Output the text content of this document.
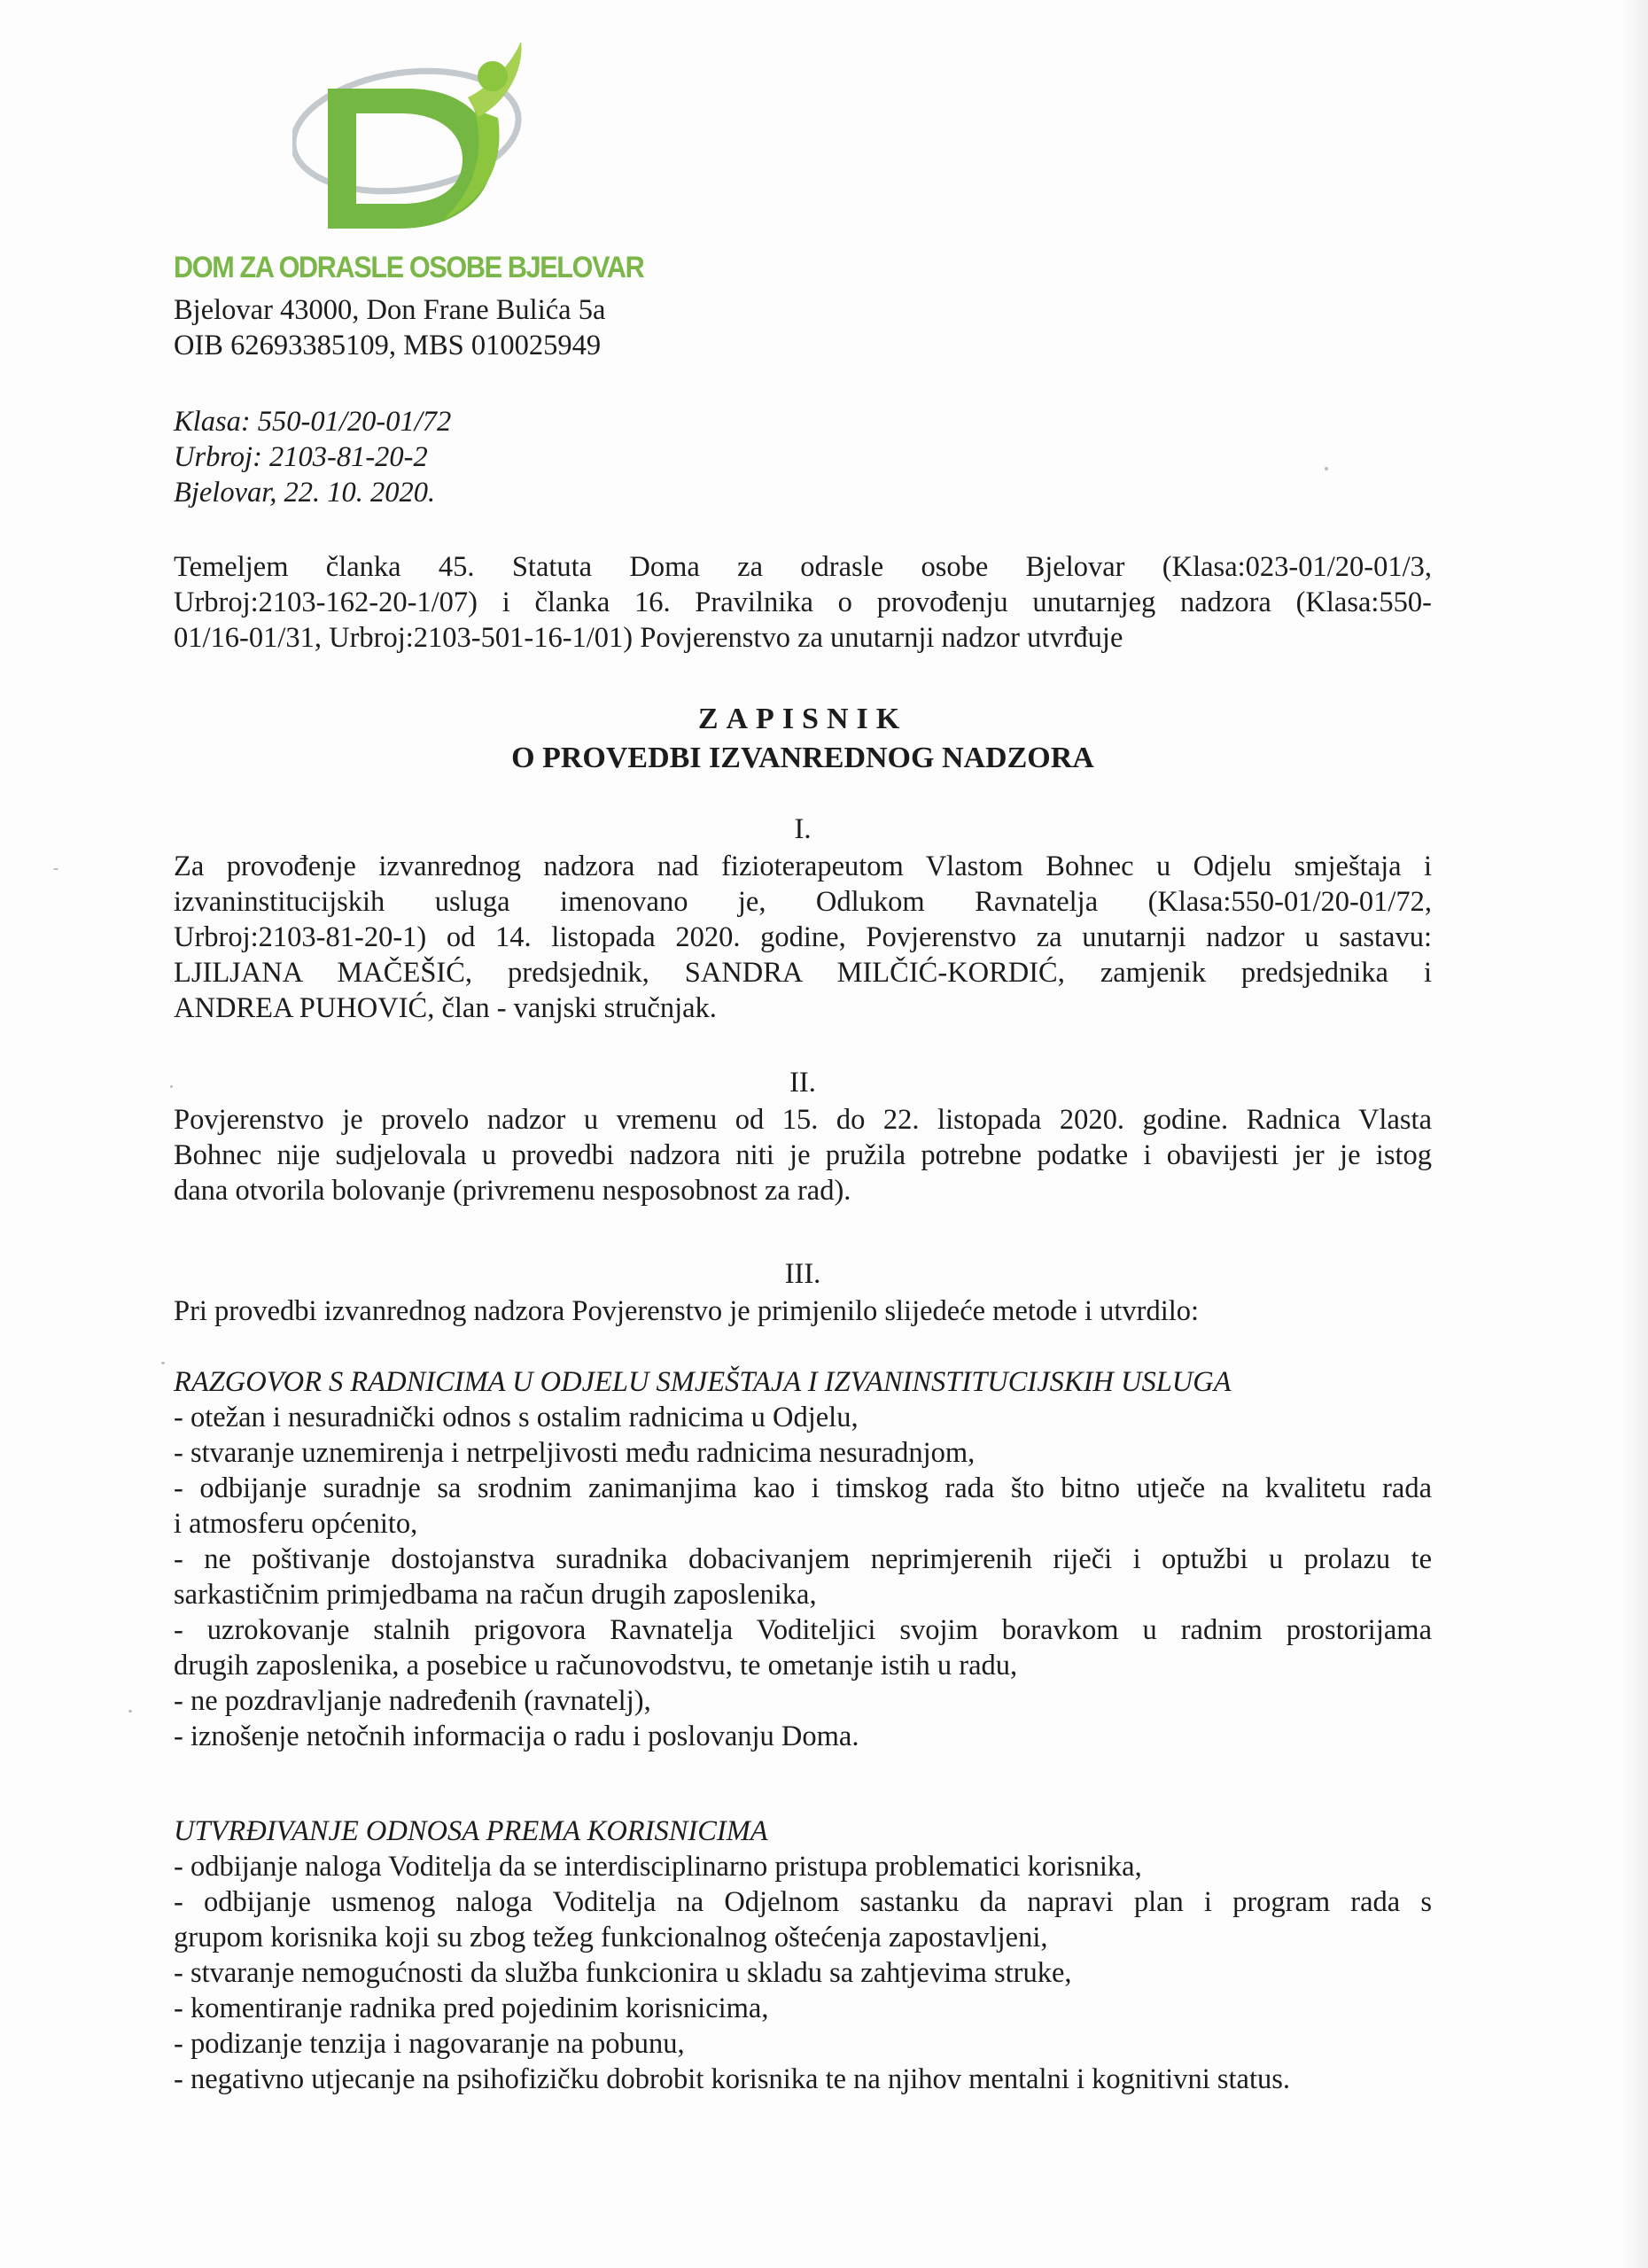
DOM ZA ODRASLE OSOBE BJELOVAR
Bjelovar 43000, Don Frane Bulića 5a
OIB 62693385109, MBS 010025949
Klasa: 550-01/20-01/72
Urbroj: 2103-81-20-2
Bjelovar, 22. 10. 2020.
Temeljem članka 45. Statuta Doma za odrasle osobe Bjelovar (Klasa:023-01/20-01/3,
Urbroj:2103-162-20-1/07) i članka 16. Pravilnika o provođenju unutarnjeg nadzora (Klasa:550-
01/16-01/31, Urbroj:2103-501-16-1/01) Povjerenstvo za unutarnji nadzor utvrđuje
ZAPISNIK
O PROVEDBI IZVANREDNOG NADZORA
I.
Za provođenje izvanrednog nadzora nad fizioterapeutom Vlastom Bohnec u Odjelu smještaja i
izvaninstitucijskih usluga imenovano je, Odlukom Ravnatelja (Klasa:550-01/20-01/72,
Urbroj:2103-81-20-1) od 14. listopada 2020. godine, Povjerenstvo za unutarnji nadzor u sastavu:
LJILJANA MAČEŠIĆ, predsjednik, SANDRA MILČIĆ-KORDIĆ, zamjenik predsjednika i
ANDREA PUHOVIĆ, član - vanjski stručnjak.
II.
Povjerenstvo je provelo nadzor u vremenu od 15. do 22. listopada 2020. godine. Radnica Vlasta
Bohnec nije sudjelovala u provedbi nadzora niti je pružila potrebne podatke i obavijesti jer je istog
dana otvorila bolovanje (privremenu nesposobnost za rad).
III.
Pri provedbi izvanrednog nadzora Povjerenstvo je primjenilo slijedeće metode i utvrdilo:
RAZGOVOR S RADNICIMA U ODJELU SMJEŠTAJA I IZVANINSTITUCIJSKIH USLUGA
- otežan i nesuradnički odnos s ostalim radnicima u Odjelu,
- stvaranje uznemirenja i netrpeljivosti među radnicima nesuradnjom,
- odbijanje suradnje sa srodnim zanimanjima kao i timskog rada što bitno utječe na kvalitetu rada
i atmosferu općenito,
- ne poštivanje dostojanstva suradnika dobacivanjem neprimjerenih riječi i optužbi u prolazu te
sarkastičnim primjedbama na račun drugih zaposlenika,
- uzrokovanje stalnih prigovora Ravnatelja Voditeljici svojim boravkom u radnim prostorijama
drugih zaposlenika, a posebice u računovodstvu, te ometanje istih u radu,
- ne pozdravljanje nadređenih (ravnatelj),
- iznošenje netočnih informacija o radu i poslovanju Doma.
UTVRĐIVANJE ODNOSA PREMA KORISNICIMA
- odbijanje naloga Voditelja da se interdisciplinarno pristupa problematici korisnika,
- odbijanje usmenog naloga Voditelja na Odjelnom sastanku da napravi plan i program rada s
grupom korisnika koji su zbog težeg funkcionalnog oštećenja zapostavljeni,
- stvaranje nemogućnosti da služba funkcionira u skladu sa zahtjevima struke,
- komentiranje radnika pred pojedinim korisnicima,
- podizanje tenzija i nagovaranje na pobunu,
- negativno utjecanje na psihofizičku dobrobit korisnika te na njihov mentalni i kognitivni status.
